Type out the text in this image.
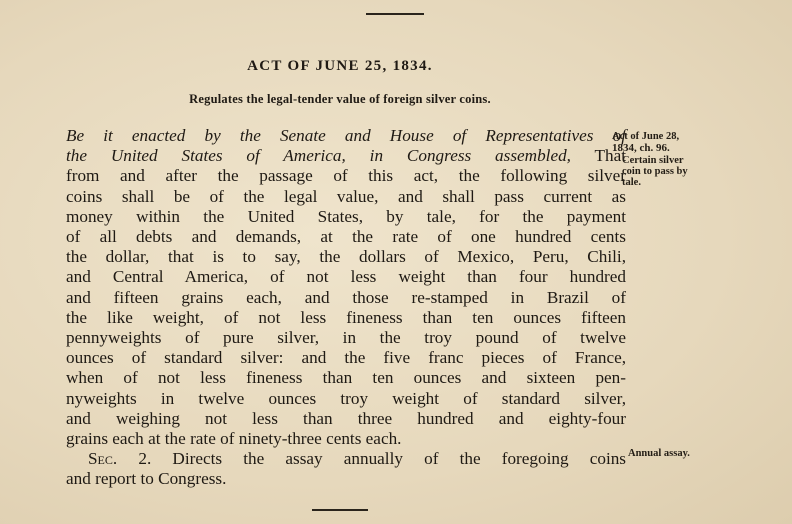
ACT OF JUNE 25, 1834.
Regulates the legal-tender value of foreign silver coins.
Be it enacted by the Senate and House of Representatives of
the United States of America, in Congress assembled, That
from and after the passage of this act, the following silver
coins shall be of the legal value, and shall pass current as
money within the United States, by tale, for the payment
of all debts and demands, at the rate of one hundred cents
the dollar, that is to say, the dollars of Mexico, Peru, Chili,
and Central America, of not less weight than four hundred
and fifteen grains each, and those re-stamped in Brazil of
the like weight, of not less fineness than ten ounces fifteen
pennyweights of pure silver, in the troy pound of twelve
ounces of standard silver: and the five franc pieces of France,
when of not less fineness than ten ounces and sixteen pen-
nyweights in twelve ounces troy weight of standard silver,
and weighing not less than three hundred and eighty-four
grains each at the rate of ninety-three cents each.
Sec. 2. Directs the assay annually of the foregoing coins
and report to Congress.
Act of June 28,
1834, ch. 96.
Certain silver
coin to pass by
tale.
Annual assay.
